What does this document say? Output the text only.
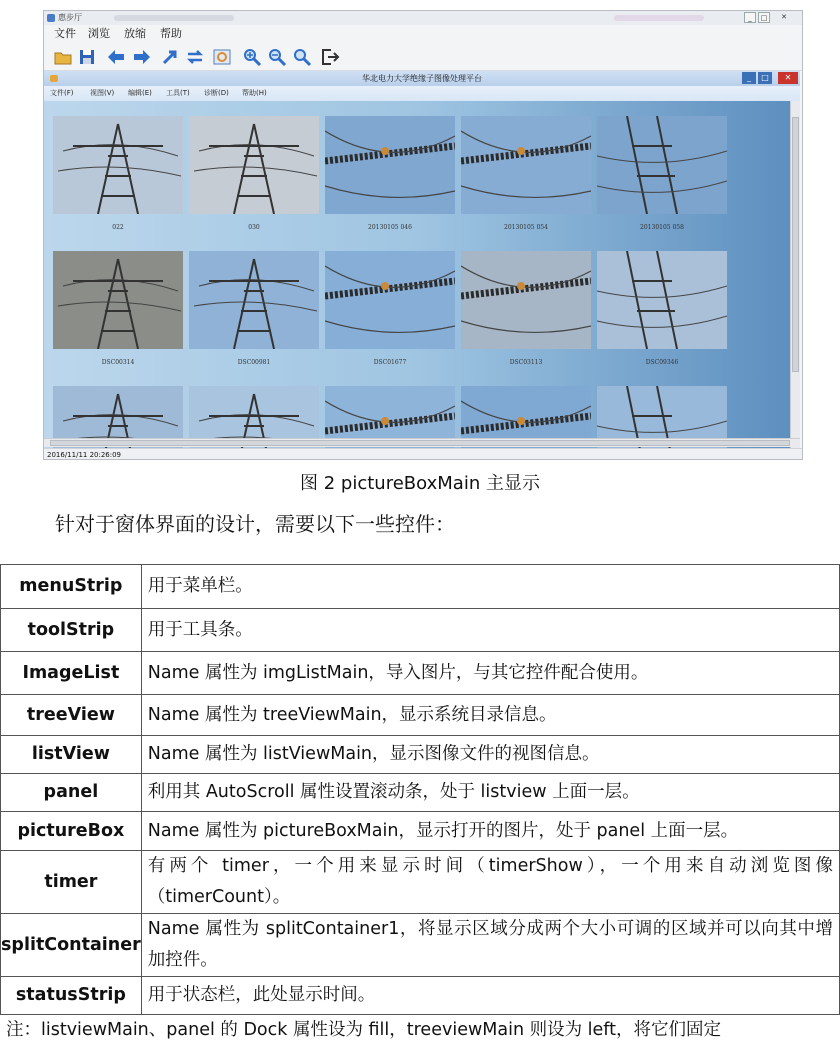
惠步厅	_	□	✕
文件 浏览 放缩 帮助
华北电力大学绝缘子图像处理平台	_	□	✕
文件(F) 视图(V) 编辑(E) 工具(T) 诊断(D) 帮助(H)
022	030	20130105 046	20130105 054	20130105 058
DSC00314	DSC00981	DSC01677	DSC03113	DSC09346
2016/11/11 20:26:09
图 2 pictureBoxMain 主显示
针对于窗体界面的设计，需要以下一些控件：
menuStrip	用于菜单栏。
toolStrip	用于工具条。
ImageList	Name 属性为 imgListMain，导入图片，与其它控件配合使用。
treeView	Name 属性为 treeViewMain，显示系统目录信息。
listView	Name 属性为 listViewMain，显示图像文件的视图信息。
panel	利用其 AutoScroll 属性设置滚动条，处于 listview 上面一层。
pictureBox	Name 属性为 pictureBoxMain，显示打开的图片，处于 panel 上面一层。
timer	有两个 timer，一个用来显示时间（timerShow），一个用来自动浏览图像（timerCount）。
splitContainer	Name 属性为 splitContainer1，将显示区域分成两个大小可调的区域并可以向其中增加控件。
statusStrip	用于状态栏，此处显示时间。
注：listviewMain、panel 的 Dock 属性设为 fill，treeviewMain 则设为 left，将它们固定
